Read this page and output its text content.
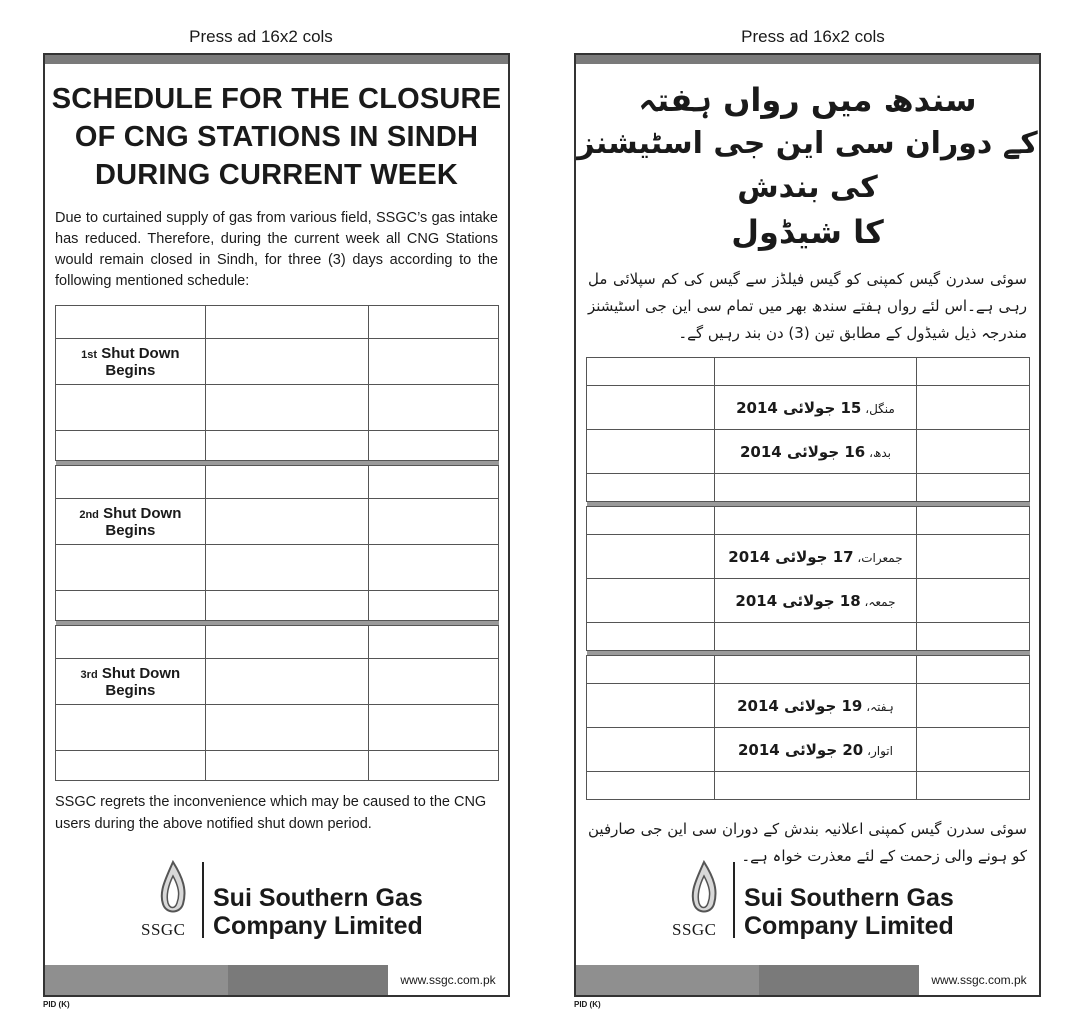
Press ad 16x2 cols
SCHEDULE FOR THE CLOSURE
OF CNG STATIONS IN SINDH
DURING CURRENT WEEK
Due to curtained supply of gas from various field, SSGC’s gas intake has reduced. Therefore, during the current week all CNG Stations would remain closed in Sindh, for three (3) days according to the following mentioned schedule:

1st Shut Down
Begins		

2nd Shut Down
Begins		

3rd Shut Down
Begins		

SSGC regrets the inconvenience which may be caused to the CNG users during the above notified shut down period.
SSGC
Sui Southern Gas
Company Limited
www.ssgc.com.pk
PID (K)
Press ad 16x2 cols
سندھ میں رواں ہفتہ
کے دوران سی این جی اسٹیشنز کی بندش
کا شیڈول
سوئی سدرن گیس کمپنی کو گیس فیلڈز سے گیس کی کم سپلائی مل رہی ہے۔اس لئے رواں ہفتے سندھ بھر میں تمام سی این جی اسٹیشنز مندرجہ ذیل شیڈول کے مطابق تین (3) دن بند رہیں گے۔

	منگل، 15 جولائی 2014	

	بدھ، 16 جولائی 2014	

	جمعرات، 17 جولائی 2014	

	جمعہ، 18 جولائی 2014	

	ہفتہ، 19 جولائی 2014	

	اتوار، 20 جولائی 2014	

سوئی سدرن گیس کمپنی اعلانیہ بندش کے دوران سی این جی صارفین کو ہونے والی زحمت کے لئے معذرت خواہ ہے۔
SSGC
Sui Southern Gas
Company Limited
www.ssgc.com.pk
PID (K)
